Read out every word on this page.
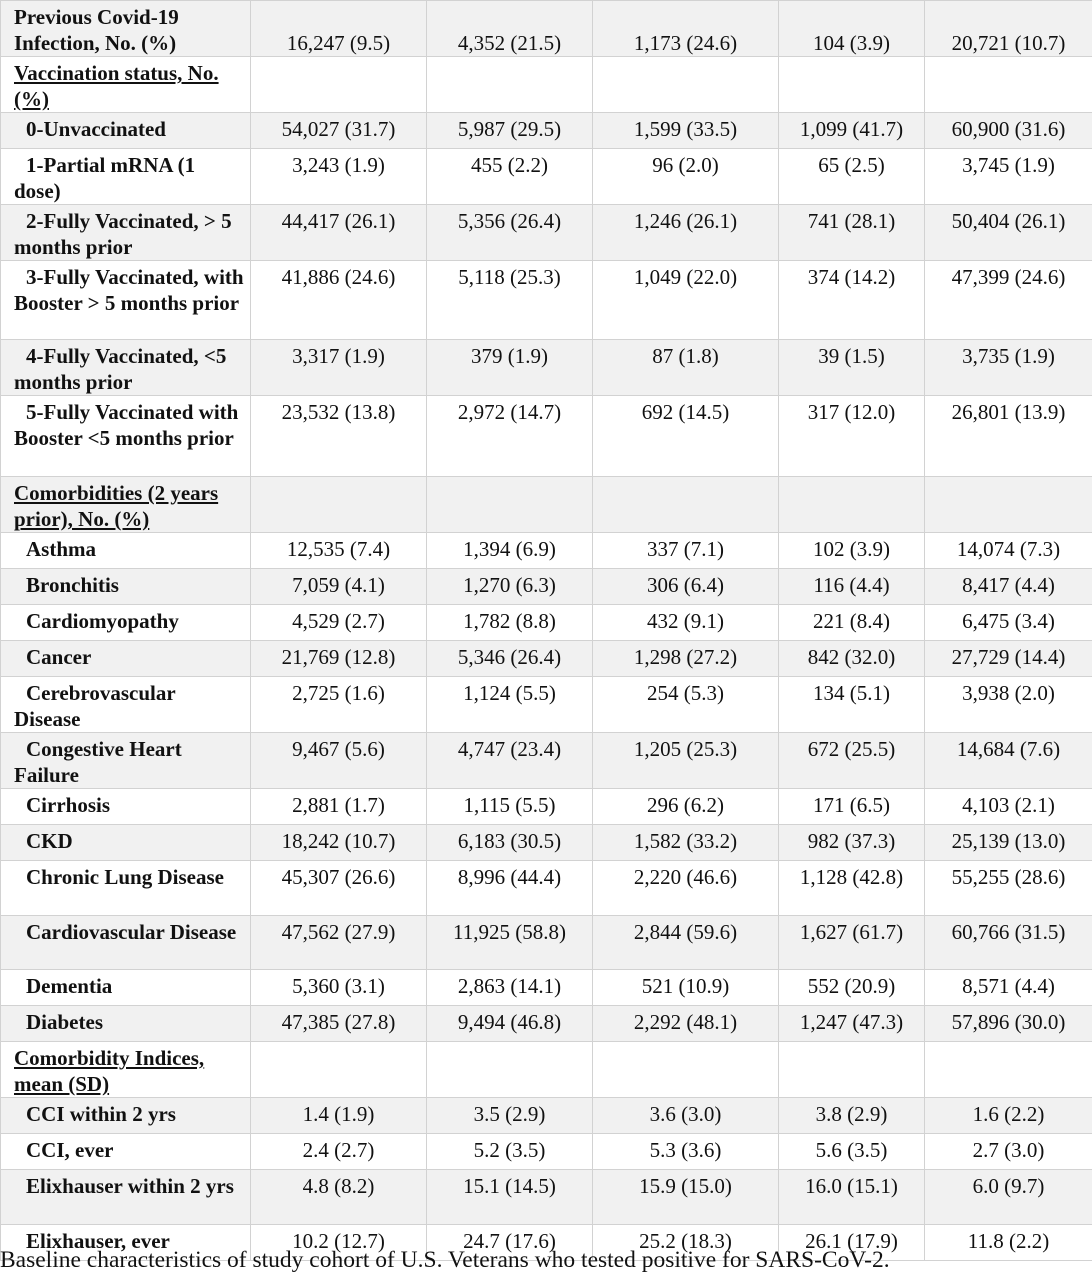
Previous Covid-19 Infection, No. (%)	16,247 (9.5)	4,352 (21.5)	1,173 (24.6)	104 (3.9)	20,721 (10.7)
Vaccination status, No. (%)					

0-Unvaccinated	54,027 (31.7)	5,987 (29.5)	1,599 (33.5)	1,099 (41.7)	60,900 (31.6)

1-Partial mRNA (1 dose)	3,243 (1.9)	455 (2.2)	96 (2.0)	65 (2.5)	3,745 (1.9)

2-Fully Vaccinated, > 5 months prior	44,417 (26.1)	5,356 (26.4)	1,246 (26.1)	741 (28.1)	50,404 (26.1)

3-Fully Vaccinated, with Booster > 5 months prior	41,886 (24.6)	5,118 (25.3)	1,049 (22.0)	374 (14.2)	47,399 (24.6)

4-Fully Vaccinated, <5 months prior	3,317 (1.9)	379 (1.9)	87 (1.8)	39 (1.5)	3,735 (1.9)

5-Fully Vaccinated with Booster <5 months prior	23,532 (13.8)	2,972 (14.7)	692 (14.5)	317 (12.0)	26,801 (13.9)
Comorbidities (2 years prior), No. (%)					

Asthma	12,535 (7.4)	1,394 (6.9)	337 (7.1)	102 (3.9)	14,074 (7.3)

Bronchitis	7,059 (4.1)	1,270 (6.3)	306 (6.4)	116 (4.4)	8,417 (4.4)

Cardiomyopathy	4,529 (2.7)	1,782 (8.8)	432 (9.1)	221 (8.4)	6,475 (3.4)

Cancer	21,769 (12.8)	5,346 (26.4)	1,298 (27.2)	842 (32.0)	27,729 (14.4)

Cerebrovascular Disease	2,725 (1.6)	1,124 (5.5)	254 (5.3)	134 (5.1)	3,938 (2.0)

Congestive Heart Failure	9,467 (5.6)	4,747 (23.4)	1,205 (25.3)	672 (25.5)	14,684 (7.6)

Cirrhosis	2,881 (1.7)	1,115 (5.5)	296 (6.2)	171 (6.5)	4,103 (2.1)

CKD	18,242 (10.7)	6,183 (30.5)	1,582 (33.2)	982 (37.3)	25,139 (13.0)

Chronic Lung Disease	45,307 (26.6)	8,996 (44.4)	2,220 (46.6)	1,128 (42.8)	55,255 (28.6)

Cardiovascular Disease	47,562 (27.9)	11,925 (58.8)	2,844 (59.6)	1,627 (61.7)	60,766 (31.5)

Dementia	5,360 (3.1)	2,863 (14.1)	521 (10.9)	552 (20.9)	8,571 (4.4)

Diabetes	47,385 (27.8)	9,494 (46.8)	2,292 (48.1)	1,247 (47.3)	57,896 (30.0)
Comorbidity Indices, mean (SD)					

CCI within 2 yrs	1.4 (1.9)	3.5 (2.9)	3.6 (3.0)	3.8 (2.9)	1.6 (2.2)

CCI, ever	2.4 (2.7)	5.2 (3.5)	5.3 (3.6)	5.6 (3.5)	2.7 (3.0)

Elixhauser within 2 yrs	4.8 (8.2)	15.1 (14.5)	15.9 (15.0)	16.0 (15.1)	6.0 (9.7)

Elixhauser, ever	10.2 (12.7)	24.7 (17.6)	25.2 (18.3)	26.1 (17.9)	11.8 (2.2)
Baseline characteristics of study cohort of U.S. Veterans who tested positive for SARS-CoV-2.
